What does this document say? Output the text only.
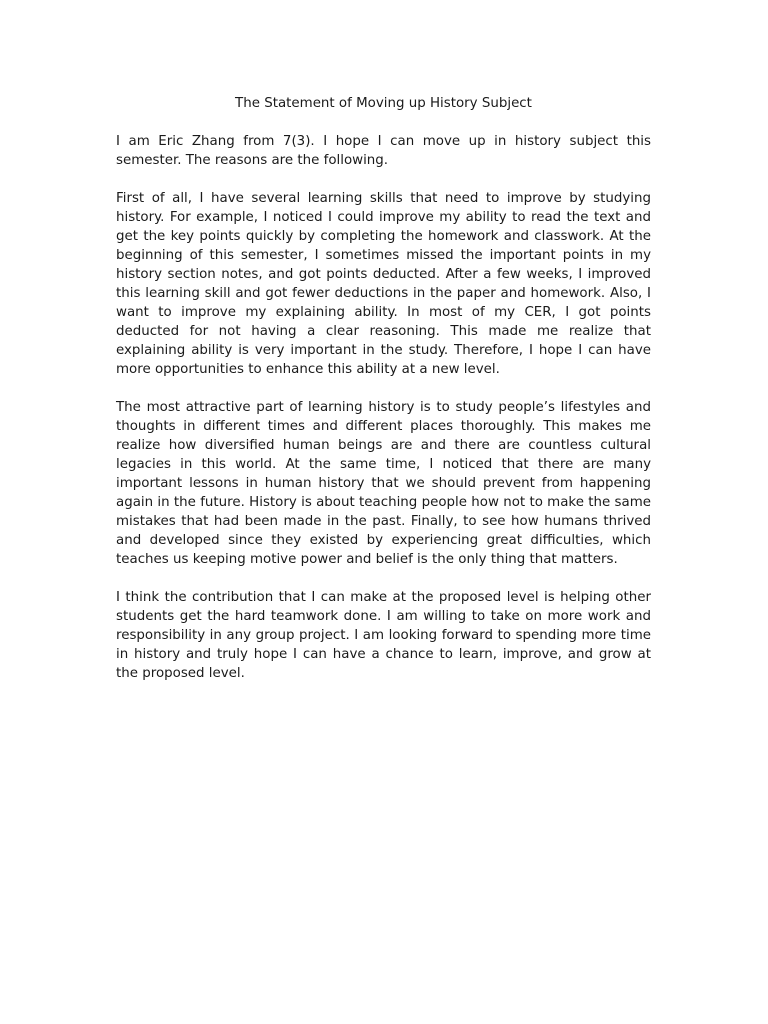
The Statement of Moving up History Subject

I am Eric Zhang from 7(3). I hope I can move up in history subject this semester. The reasons are the following.

First of all, I have several learning skills that need to improve by studying history. For example, I noticed I could improve my ability to read the text and get the key points quickly by completing the homework and classwork. At the beginning of this semester, I sometimes missed the important points in my history section notes, and got points deducted. After a few weeks, I improved this learning skill and got fewer deductions in the paper and homework. Also, I want to improve my explaining ability. In most of my CER, I got points deducted for not having a clear reasoning. This made me realize that explaining ability is very important in the study. Therefore, I hope I can have more opportunities to enhance this ability at a new level.

The most attractive part of learning history is to study people’s lifestyles and thoughts in different times and different places thoroughly. This makes me realize how diversified human beings are and there are countless cultural legacies in this world. At the same time, I noticed that there are many important lessons in human history that we should prevent from happening again in the future. History is about teaching people how not to make the same mistakes that had been made in the past. Finally, to see how humans thrived and developed since they existed by experiencing great difficulties, which teaches us keeping motive power and belief is the only thing that matters.

I think the contribution that I can make at the proposed level is helping other students get the hard teamwork done. I am willing to take on more work and responsibility in any group project. I am looking forward to spending more time in history and truly hope I can have a chance to learn, improve, and grow at the proposed level.
